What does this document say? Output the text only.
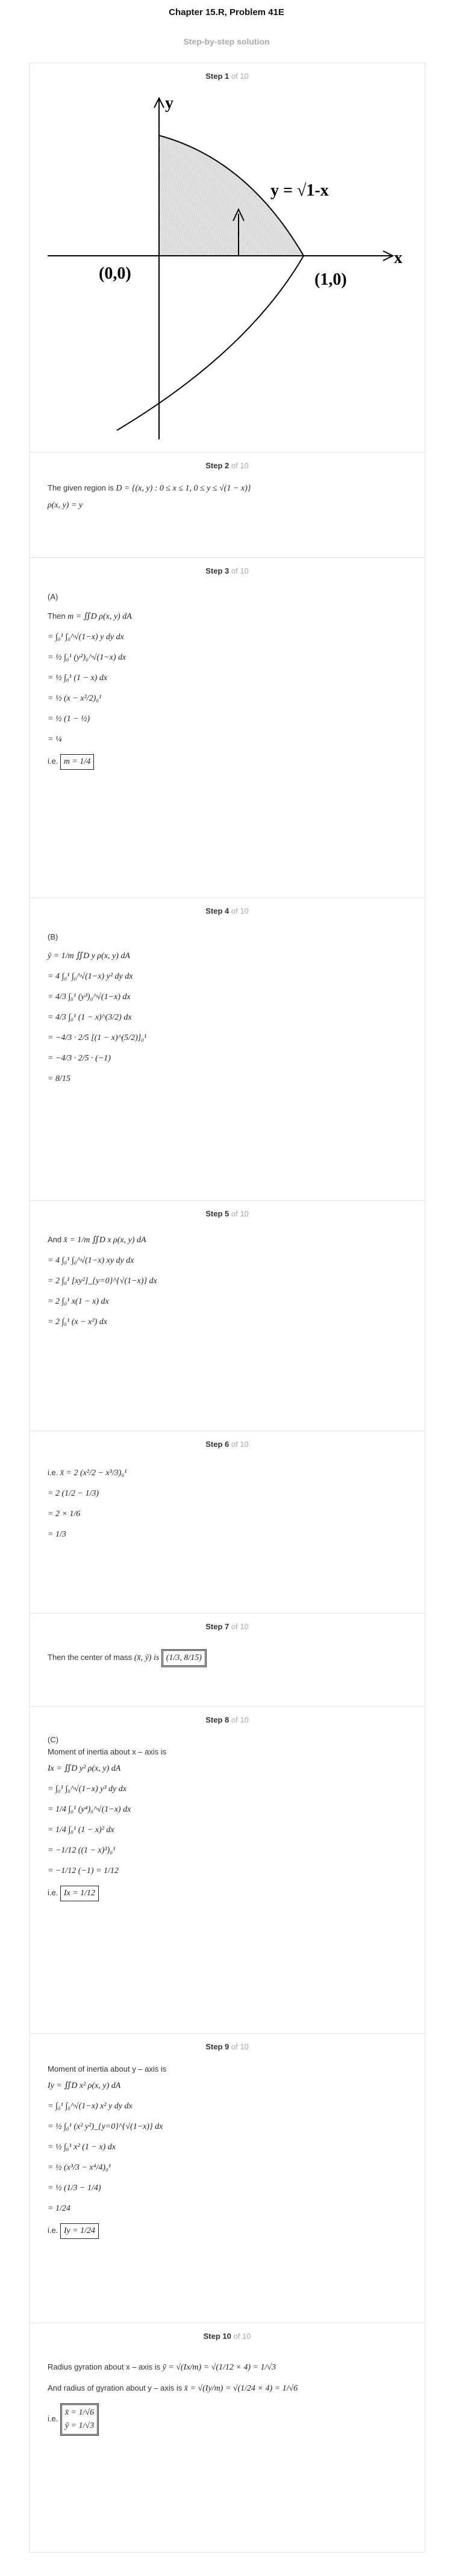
Chapter 15.R, Problem 41E
Step-by-step solution
Step 1 of 10
y
x
y = √1-x
(0,0)	(1,0)
Step 2 of 10

The given region is D = {(x, y) : 0 ≤ x ≤ 1, 0 ≤ y ≤ √(1 − x)}

ρ(x, y) = y

Step 3 of 10

(A)

Then m = ∬D ρ(x, y) dA

= ∫₀¹ ∫₀^√(1−x) y dy dx

= ½ ∫₀¹ (y²)₀^√(1−x) dx

= ½ ∫₀¹ (1 − x) dx

= ½ (x − x²/2)₀¹

= ½ (1 − ½)

= ¼

i.e. m = 1/4

Step 4 of 10

(B)

ȳ = 1/m ∬D y ρ(x, y) dA

= 4 ∫₀¹ ∫₀^√(1−x) y² dy dx

= 4/3 ∫₀¹ (y³)₀^√(1−x) dx

= 4/3 ∫₀¹ (1 − x)^(3/2) dx

= −4/3 · 2/5 [(1 − x)^(5/2)]₀¹

= −4/3 · 2/5 · (−1)

= 8/15

Step 5 of 10

And x̄ = 1/m ∬D x ρ(x, y) dA

= 4 ∫₀¹ ∫₀^√(1−x) xy dy dx

= 2 ∫₀¹ [xy²]_{y=0}^{√(1−x)} dx

= 2 ∫₀¹ x(1 − x) dx

= 2 ∫₀¹ (x − x²) dx

Step 6 of 10

i.e. x̄ = 2 (x²/2 − x³/3)₀¹

= 2 (1/2 − 1/3)

= 2 × 1/6

= 1/3

Step 7 of 10

Then the center of mass (x̄, ȳ) is (1/3, 8/15)

Step 8 of 10

(C)

Moment of inertia about x – axis is

Ix = ∬D y² ρ(x, y) dA

= ∫₀¹ ∫₀^√(1−x) y³ dy dx

= 1/4 ∫₀¹ (y⁴)₀^√(1−x) dx

= 1/4 ∫₀¹ (1 − x)² dx

= −1/12 ((1 − x)³)₀¹

= −1/12 (−1) = 1/12

i.e. Ix = 1/12

Step 9 of 10

Moment of inertia about y – axis is

Iy = ∬D x² ρ(x, y) dA

= ∫₀¹ ∫₀^√(1−x) x² y dy dx

= ½ ∫₀¹ (x² y²)_{y=0}^{√(1−x)} dx

= ½ ∫₀¹ x² (1 − x) dx

= ½ (x³/3 − x⁴/4)₀¹

= ½ (1/3 − 1/4)

= 1/24

i.e. Iy = 1/24

Step 10 of 10

Radius gyration about x – axis is ȳ = √(Ix/m) = √(1/12 × 4) = 1/√3

And radius of gyration about y – axis is x̄ = √(Iy/m) = √(1/24 × 4) = 1/√6

i.e.
x̄ = 1/√6
ȳ = 1/√3
